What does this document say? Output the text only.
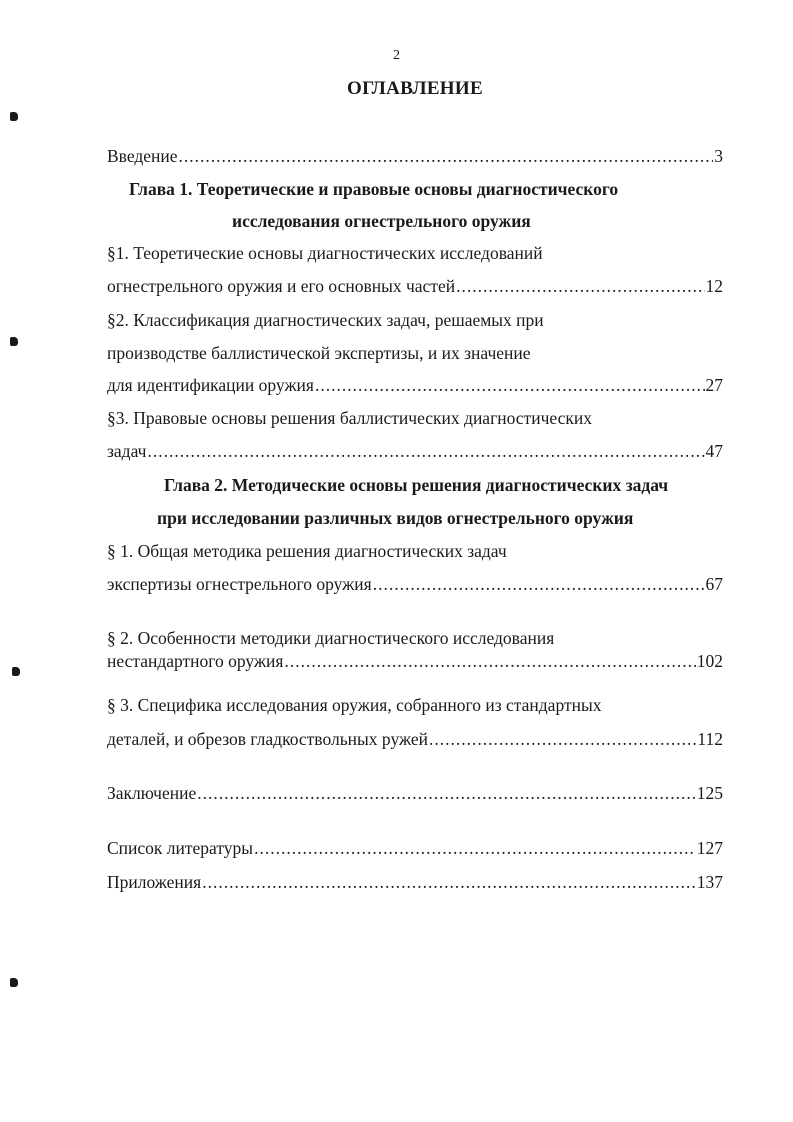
2
ОГЛАВЛЕНИЕ
Введение .....	3
Глава 1. Теоретические и правовые основы диагностического
исследования огнестрельного оружия
§1. Теоретические основы диагностических исследований
огнестрельного оружия и его основных частей .....	12
§2. Классификация диагностических задач, решаемых при
производстве баллистической экспертизы, и их значение
для идентификации оружия .....	27
§3. Правовые основы решения баллистических диагностических
задач .....	47
Глава 2. Методические основы решения диагностических задач
при исследовании различных видов огнестрельного оружия
§ 1. Общая методика решения диагностических задач
экспертизы огнестрельного оружия .....	67
§ 2. Особенности методики диагностического исследования
нестандартного оружия .....	102
§ 3. Специфика исследования оружия, собранного из стандартных
деталей, и обрезов гладкоствольных ружей .....	112
Заключение .....	125
Список литературы .....	127
Приложения .....	137
